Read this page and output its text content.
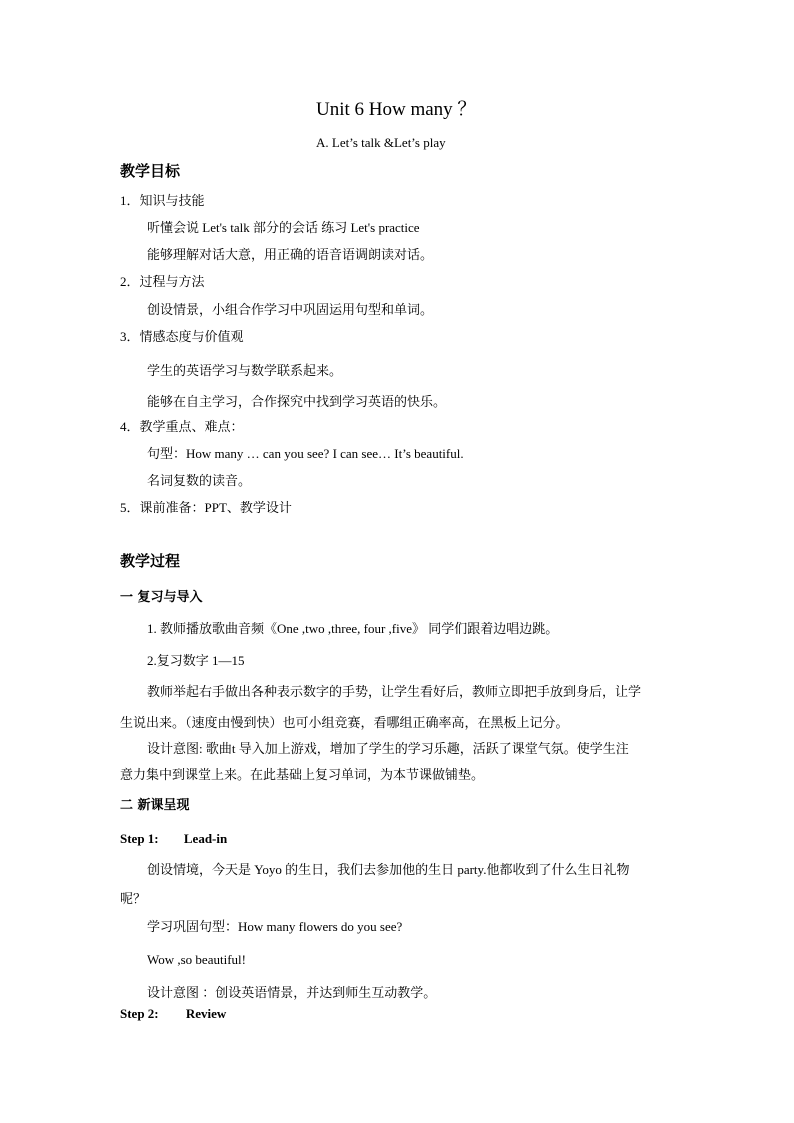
Unit 6 How many ？
A. Let’s talk &Let’s play
教学目标
1．知识与技能
听懂会说 Let's talk 部分的会话 练习 Let's practice
能够理解对话大意，用正确的语音语调朗读对话。
2．过程与方法
创设情景，小组合作学习中巩固运用句型和单词。
3．情感态度与价值观
学生的英语学习与数学联系起来。
能够在自主学习，合作探究中找到学习英语的快乐。
4．教学重点、难点：
句型：How many … can you see? I can see… It’s beautiful.
名词复数的读音。
5．课前准备：PPT、教学设计
教学过程
一 复习与导入
1. 教师播放歌曲音频《One ,two ,three, four ,five》 同学们跟着边唱边跳。
2.复习数字 1—15
教师举起右手做出各种表示数字的手势，让学生看好后，教师立即把手放到身后，让学
生说出来。（速度由慢到快）也可小组竞赛，看哪组正确率高，在黑板上记分。
设计意图: 歌曲t 导入加上游戏，增加了学生的学习乐趣，活跃了课堂气氛。使学生注
意力集中到课堂上来。在此基础上复习单词，为本节课做铺垫。
二 新课呈现
Step 1: Lead-in
创设情境，今天是 Yoyo 的生日，我们去参加他的生日 party.他都收到了什么生日礼物
呢？
学习巩固句型：How many flowers do you see?
Wow ,so beautiful!
设计意图 ：创设英语情景，并达到师生互动教学。
Step 2: Review
